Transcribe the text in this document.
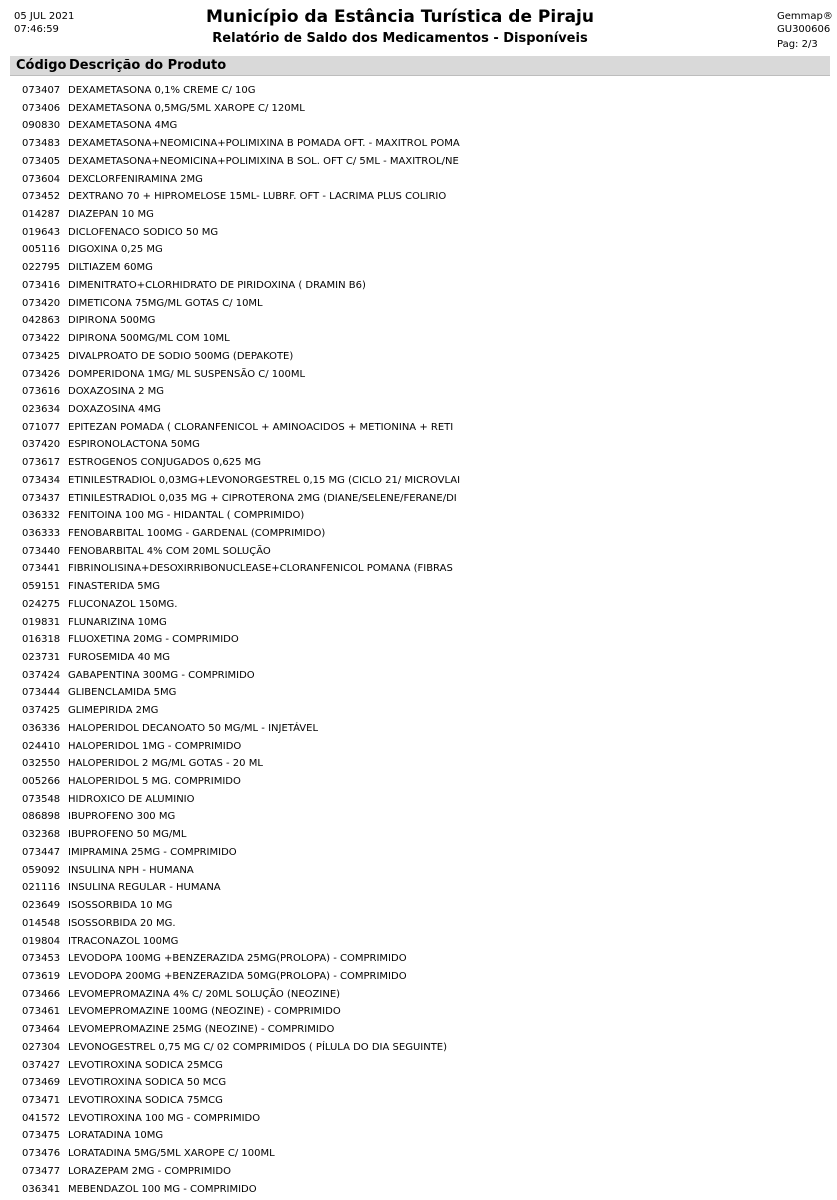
05 JUL 2021
07:46:59
Município da Estância Turística de Piraju
Relatório de Saldo dos Medicamentos - Disponíveis
Gemmap®
GU300606
Pag: 2/3
Código Descrição do Produto
073407 DEXAMETASONA 0,1% CREME C/ 10G
073406 DEXAMETASONA 0,5MG/5ML XAROPE C/ 120ML
090830 DEXAMETASONA 4MG
073483 DEXAMETASONA+NEOMICINA+POLIMIXINA B POMADA OFT. - MAXITROL POMA
073405 DEXAMETASONA+NEOMICINA+POLIMIXINA B SOL. OFT C/ 5ML - MAXITROL/NE
073604 DEXCLORFENIRAMINA 2MG
073452 DEXTRANO 70 + HIPROMELOSE 15ML- LUBRF. OFT - LACRIMA PLUS COLIRIO
014287 DIAZEPAN 10 MG
019643 DICLOFENACO SODICO 50 MG
005116 DIGOXINA 0,25 MG
022795 DILTIAZEM 60MG
073416 DIMENITRATO+CLORHIDRATO DE PIRIDOXINA ( DRAMIN B6)
073420 DIMETICONA 75MG/ML GOTAS C/ 10ML
042863 DIPIRONA 500MG
073422 DIPIRONA 500MG/ML COM 10ML
073425 DIVALPROATO DE SODIO 500MG (DEPAKOTE)
073426 DOMPERIDONA 1MG/ ML SUSPENSÃO C/ 100ML
073616 DOXAZOSINA 2 MG
023634 DOXAZOSINA 4MG
071077 EPITEZAN POMADA ( CLORANFENICOL + AMINOACIDOS + METIONINA + RETI
037420 ESPIRONOLACTONA 50MG
073617 ESTROGENOS CONJUGADOS 0,625 MG
073434 ETINILESTRADIOL 0,03MG+LEVONORGESTREL 0,15 MG (CICLO 21/ MICROVLAI
073437 ETINILESTRADIOL 0,035 MG + CIPROTERONA 2MG (DIANE/SELENE/FERANE/DI
036332 FENITOINA 100 MG - HIDANTAL ( COMPRIMIDO)
036333 FENOBARBITAL 100MG - GARDENAL (COMPRIMIDO)
073440 FENOBARBITAL 4% COM 20ML SOLUÇÃO
073441 FIBRINOLISINA+DESOXIRRIBONUCLEASE+CLORANFENICOL POMANA (FIBRAS
059151 FINASTERIDA 5MG
024275 FLUCONAZOL 150MG.
019831 FLUNARIZINA 10MG
016318 FLUOXETINA 20MG - COMPRIMIDO
023731 FUROSEMIDA 40 MG
037424 GABAPENTINA 300MG - COMPRIMIDO
073444 GLIBENCLAMIDA 5MG
037425 GLIMEPIRIDA 2MG
036336 HALOPERIDOL DECANOATO 50 MG/ML - INJETÁVEL
024410 HALOPERIDOL 1MG - COMPRIMIDO
032550 HALOPERIDOL 2 MG/ML GOTAS - 20 ML
005266 HALOPERIDOL 5 MG. COMPRIMIDO
073548 HIDROXICO DE ALUMINIO
086898 IBUPROFENO 300 MG
032368 IBUPROFENO 50 MG/ML
073447 IMIPRAMINA 25MG - COMPRIMIDO
059092 INSULINA NPH - HUMANA
021116 INSULINA REGULAR - HUMANA
023649 ISOSSORBIDA 10 MG
014548 ISOSSORBIDA 20 MG.
019804 ITRACONAZOL 100MG
073453 LEVODOPA 100MG +BENZERAZIDA 25MG(PROLOPA) - COMPRIMIDO
073619 LEVODOPA 200MG +BENZERAZIDA 50MG(PROLOPA) - COMPRIMIDO
073466 LEVOMEPROMAZINA 4% C/ 20ML SOLUÇÃO (NEOZINE)
073461 LEVOMEPROMAZINE 100MG (NEOZINE) - COMPRIMIDO
073464 LEVOMEPROMAZINE 25MG (NEOZINE) - COMPRIMIDO
027304 LEVONOGESTREL 0,75 MG C/ 02 COMPRIMIDOS ( PÍLULA DO DIA SEGUINTE)
037427 LEVOTIROXINA SODICA 25MCG
073469 LEVOTIROXINA SODICA 50 MCG
073471 LEVOTIROXINA SODICA 75MCG
041572 LEVOTIROXINA 100 MG - COMPRIMIDO
073475 LORATADINA 10MG
073476 LORATADINA 5MG/5ML XAROPE C/ 100ML
073477 LORAZEPAM 2MG - COMPRIMIDO
036341 MEBENDAZOL 100 MG - COMPRIMIDO
